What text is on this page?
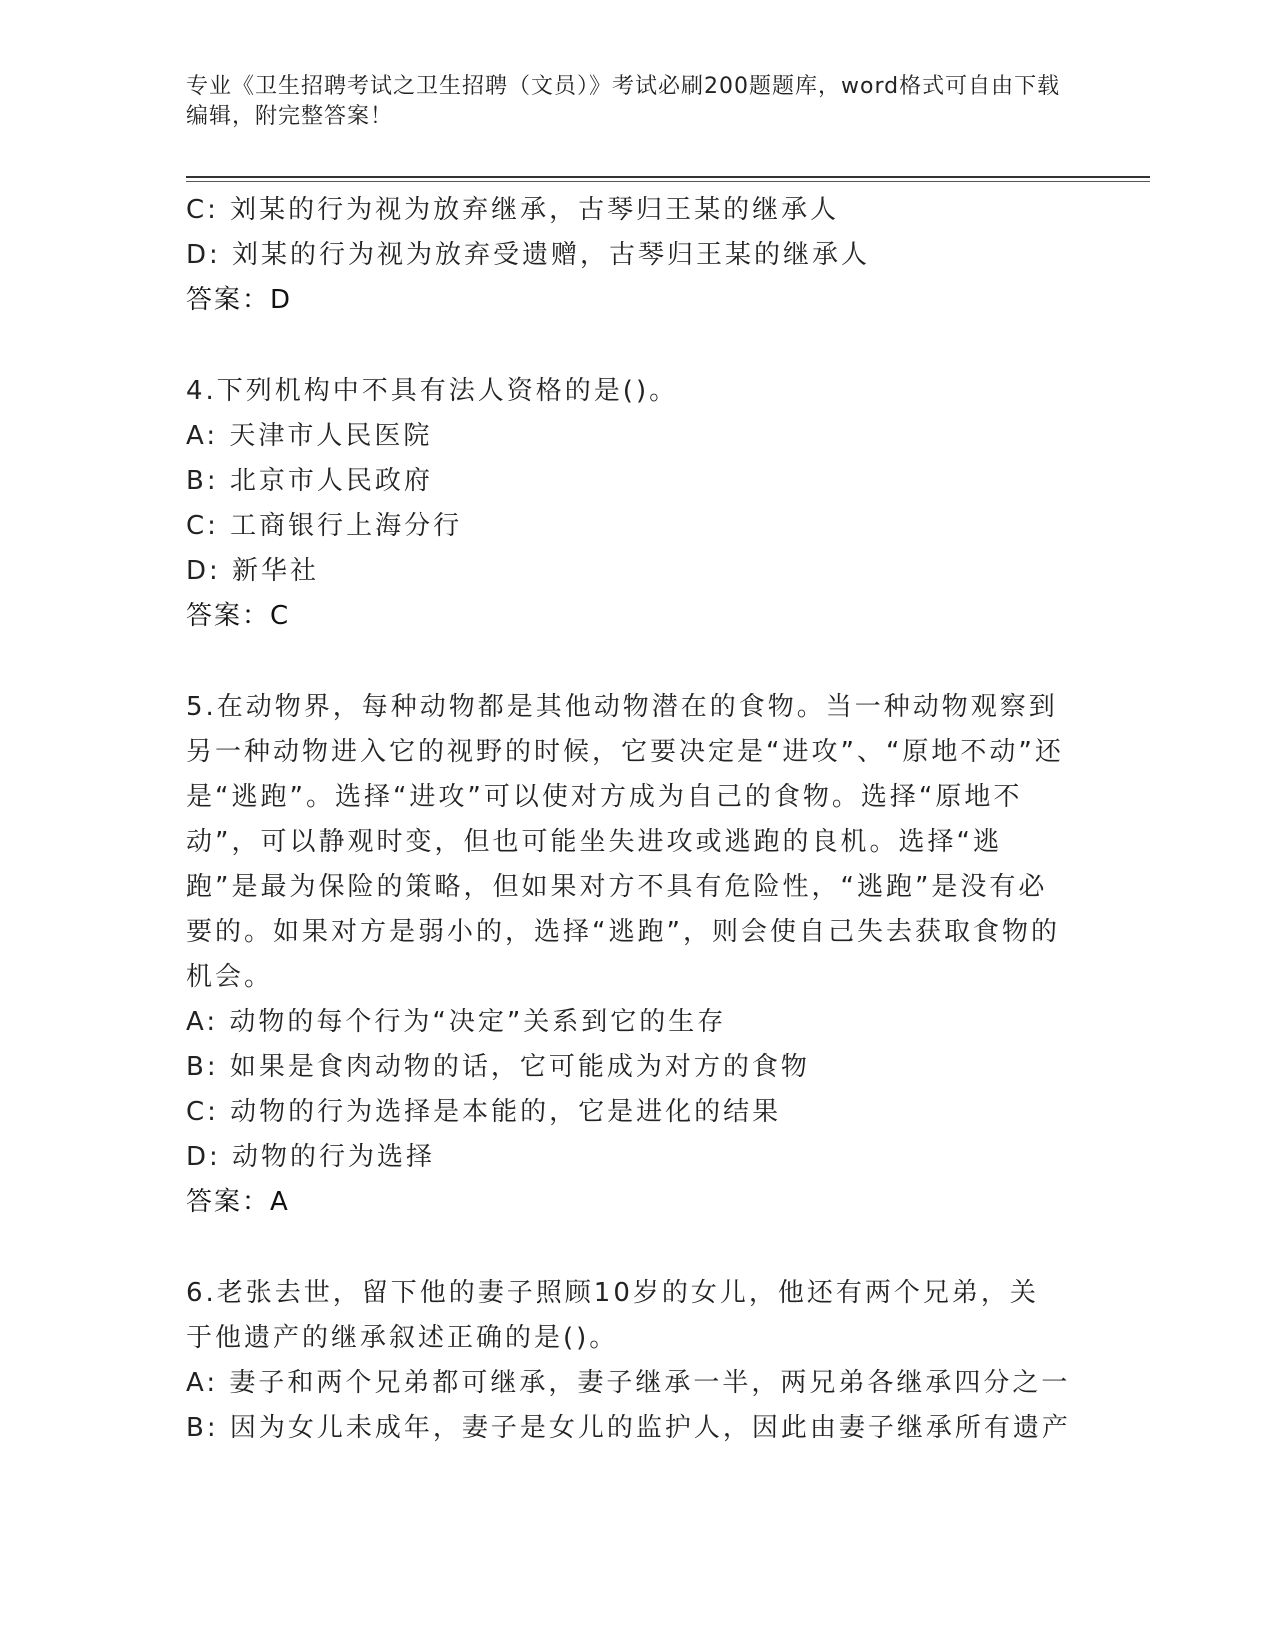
专业《卫生招聘考试之卫生招聘（文员）》考试必刷200题题库，word格式可自由下载编辑，附完整答案！
C: 刘某的行为视为放弃继承，古琴归王某的继承人
D: 刘某的行为视为放弃受遗赠，古琴归王某的继承人
答案：D
4.下列机构中不具有法人资格的是()。
A: 天津市人民医院
B: 北京市人民政府
C: 工商银行上海分行
D: 新华社
答案：C
5.在动物界，每种动物都是其他动物潜在的食物。当一种动物观察到另一种动物进入它的视野的时候，它要决定是“进攻”、“原地不动”还是“逃跑”。选择“进攻”可以使对方成为自己的食物。选择“原地不动”，可以静观时变，但也可能坐失进攻或逃跑的良机。选择“逃跑”是最为保险的策略，但如果对方不具有危险性，“逃跑”是没有必要的。如果对方是弱小的，选择“逃跑”，则会使自己失去获取食物的机会。
A: 动物的每个行为“决定”关系到它的生存
B: 如果是食肉动物的话，它可能成为对方的食物
C: 动物的行为选择是本能的，它是进化的结果
D: 动物的行为选择
答案：A
6.老张去世，留下他的妻子照顾10岁的女儿，他还有两个兄弟，关于他遗产的继承叙述正确的是()。
A: 妻子和两个兄弟都可继承，妻子继承一半，两兄弟各继承四分之一
B: 因为女儿未成年，妻子是女儿的监护人，因此由妻子继承所有遗产
